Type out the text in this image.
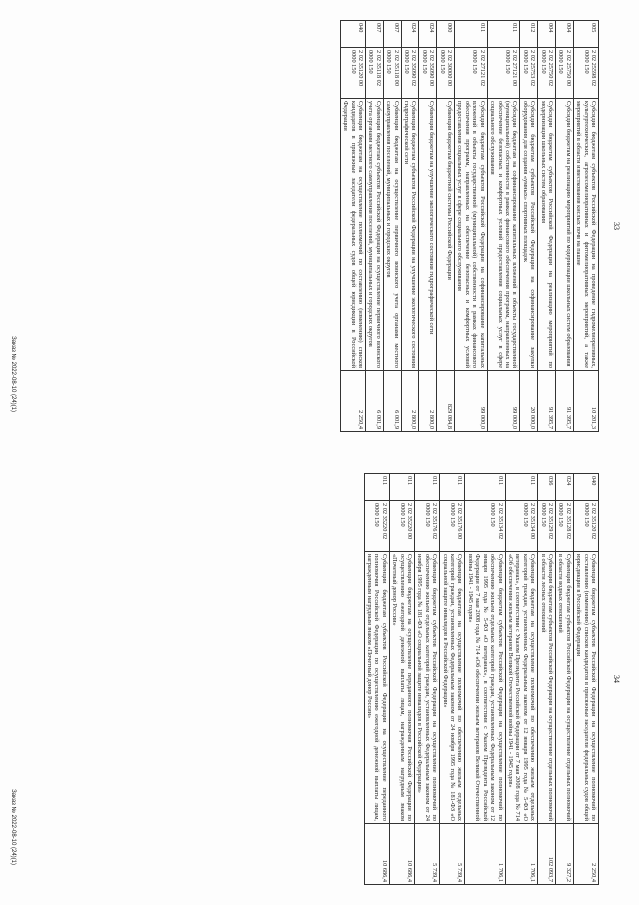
33
005	2 02 25598 02 0000 150	Субсидии бюджетам субъектов Российской Федерации на проведение гидромелиоративных, культуртехнических, агролесомелиоративных и фитомелиоративных мероприятий, а также мероприятий в области известкования кислых почв на пашне	10 201,3
004	2 02 25750 00 0000 150	Субсидии бюджетам на реализацию мероприятий по модернизации школьных систем образования	91 395,7
004	2 02 25750 02 0000 150	Субсидии бюджетам субъектов Российской Федерации на реализацию мероприятий по модернизации школьных систем образования	91 395,7
012	2 02 25753 02 0000 150	Субсидии бюджетам субъектов Российской Федерации на софинансирование закупки оборудования для создания «умных» спортивных площадок	20 000,0
011	2 02 27121 00 0000 150	Субсидии бюджетам на софинансирование капитальных вложений в объекты государственной (муниципальной) собственности в рамках финансового обеспечения программ, направленных на обеспечение безопасных и комфортных условий предоставления социальных услуг в сфере социального обслуживания	99 000,0
011	2 02 27121 02 0000 150	Субсидии бюджетам субъектов Российской Федерации на софинансирование капитальных вложений в объекты государственной (муниципальной) собственности в рамках финансового обеспечения программ, направленных на обеспечение безопасных и комфортных условий предоставления социальных услуг в сфере социального обслуживания	99 000,0
000	2 02 30000 00 0000 150	Субвенции бюджетам бюджетной системы Российской Федерации	829 084,8
024	2 02 35090 00 0000 150	Субвенции бюджетам на улучшение экологического состояния гидрографической сети	2 800,0
024	2 02 35090 02 0000 150	Субвенции бюджетам субъектов Российской Федерации на улучшение экологического состояния гидрографической сети	2 800,0
007	2 02 35118 00 0000 150	Субвенции бюджетам на осуществление первичного воинского учета органами местного самоуправления поселений, муниципальных и городских округов	6 001,9
007	2 02 35118 02 0000 150	Субвенции бюджетам субъектов Российской Федерации на осуществление первичного воинского учета органами местного самоуправления поселений, муниципальных и городских округов	6 001,9
040	2 02 35120 00 0000 150	Субвенции бюджетам на осуществление полномочий по составлению (изменению) списков кандидатов в присяжные заседатели федеральных судов общей юрисдикции в Российской Федерации	2 250,4
Заказ № 2022-08-10 (24)(1)
34
040	2 02 35120 02 0000 150	Субвенции бюджетам субъектов Российской Федерации на осуществление полномочий по составлению (изменению) списков кандидатов в присяжные заседатели федеральных судов общей юрисдикции в Российской Федерации	2 250,4
024	2 02 35128 02 0000 150	Субвенции бюджетам субъектов Российской Федерации на осуществление отдельных полномочий в области водных отношений	9 327,2
036	2 02 35129 02 0000 150	Субвенции бюджетам субъектов Российской Федерации на осуществление отдельных полномочий в области лесных отношений	102 093,7
011	2 02 35134 00 0000 150	Субвенции бюджетам на осуществление полномочий по обеспечению жильем отдельных категорий граждан, установленных Федеральным законом от 12 января 1995 года № 5-ФЗ «О ветеранах», в соответствии с Указом Президента Российской Федерации от 7 мая 2008 года № 714 «Об обеспечении жильем ветеранов Великой Отечественной войны 1941 - 1945 годов»	1 706,1
011	2 02 35134 02 0000 150	Субвенции бюджетам субъектов Российской Федерации на осуществление полномочий по обеспечению жильем отдельных категорий граждан, установленных Федеральным законом от 12 января 1995 года № 5-ФЗ «О ветеранах», в соответствии с Указом Президента Российской Федерации от 7 мая 2008 года № 714 «Об обеспечении жильем ветеранов Великой Отечественной войны 1941 - 1945 годов»	1 706,1
011	2 02 35176 00 0000 150	Субвенции бюджетам на осуществление полномочий по обеспечению жильем отдельных категорий граждан, установленных Федеральным законом от 24 ноября 1995 года № 181-ФЗ «О социальной защите инвалидов в Российской Федерации»	5 739,4
011	2 02 35176 02 0000 150	Субвенции бюджетам субъектов Российской Федерации на осуществление полномочий по обеспечению жильем отдельных категорий граждан, установленных Федеральным законом от 24 ноября 1995 года № 181-ФЗ «О социальной защите инвалидов в Российской Федерации»	5 739,4
011	2 02 35220 00 0000 150	Субвенции бюджетам на осуществление переданного полномочия Российской Федерации по осуществлению ежегодной денежной выплаты лицам, награжденным нагрудным знаком «Почетный донор России»	10 686,4
011	2 02 35220 02 0000 150	Субвенции бюджетам субъектов Российской Федерации на осуществление переданного полномочия Российской Федерации по осуществлению ежегодной денежной выплаты лицам, награжденным нагрудным знаком «Почетный донор России»	10 686,4
Заказ № 2022-08-10 (24)(1)
